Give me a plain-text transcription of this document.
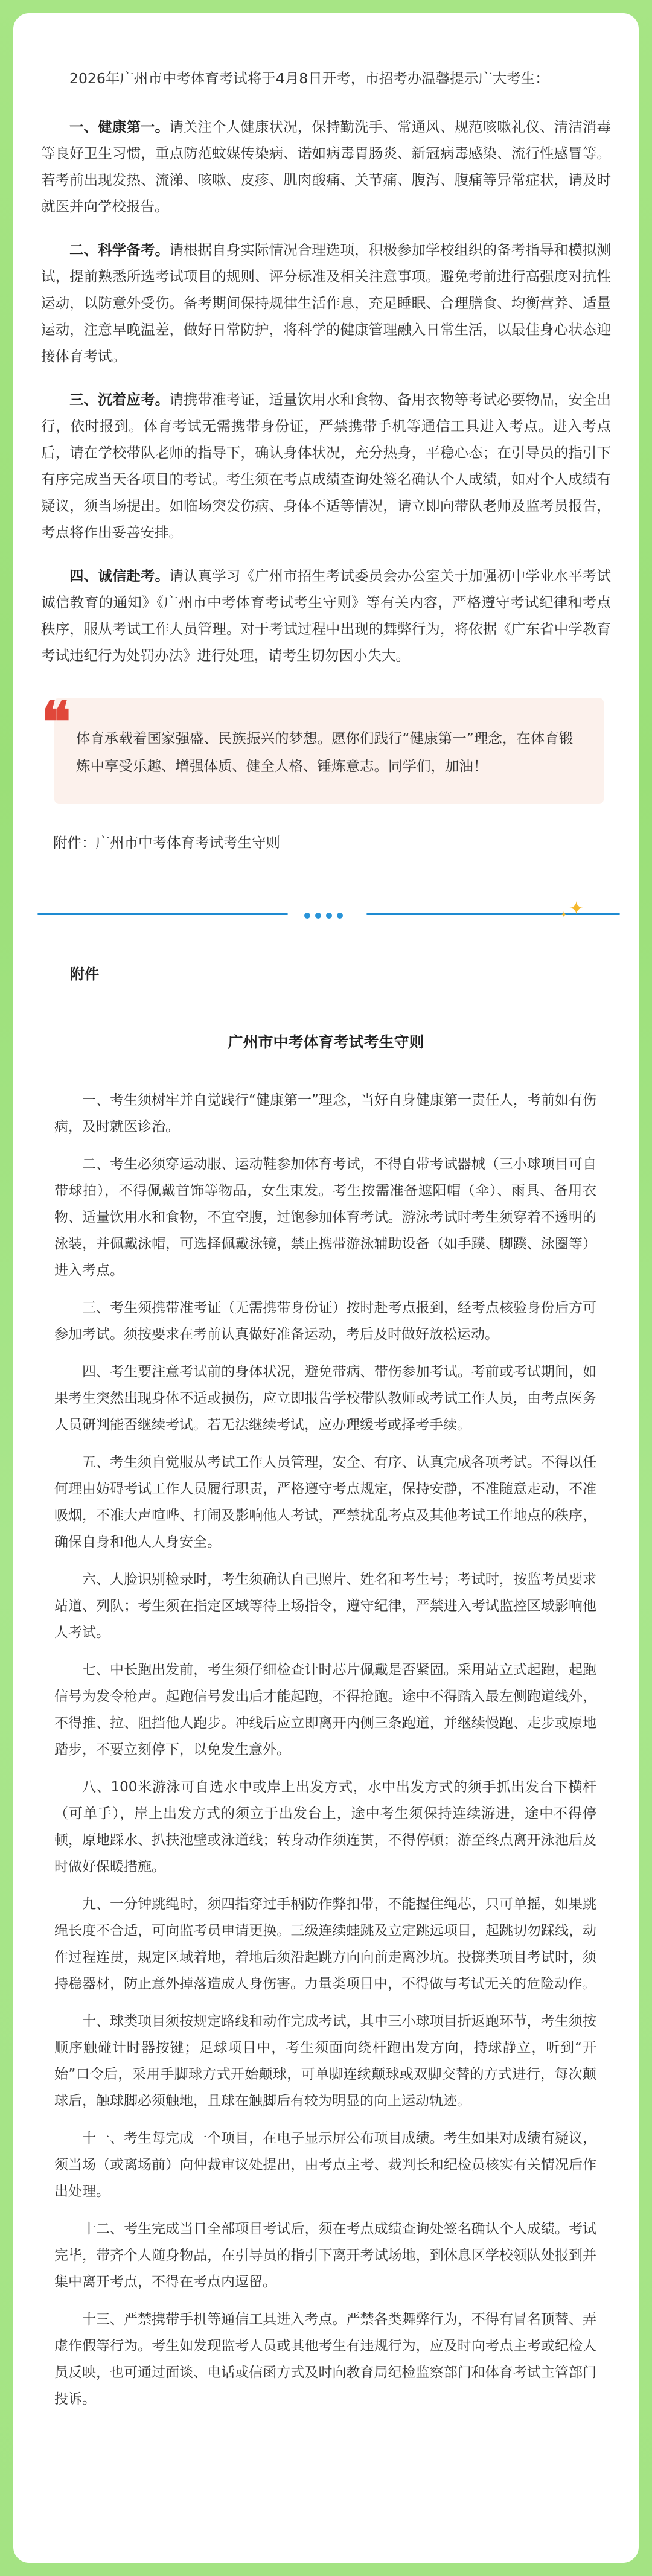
2026年广州市中考体育考试将于4月8日开考，市招考办温馨提示广大考生：

一、健康第一。请关注个人健康状况，保持勤洗手、常通风、规范咳嗽礼仪、清洁消毒等良好卫生习惯，重点防范蚊媒传染病、诺如病毒胃肠炎、新冠病毒感染、流行性感冒等。若考前出现发热、流涕、咳嗽、皮疹、肌肉酸痛、关节痛、腹泻、腹痛等异常症状，请及时就医并向学校报告。

二、科学备考。请根据自身实际情况合理选项，积极参加学校组织的备考指导和模拟测试，提前熟悉所选考试项目的规则、评分标准及相关注意事项。避免考前进行高强度对抗性运动，以防意外受伤。备考期间保持规律生活作息，充足睡眠、合理膳食、均衡营养、适量运动，注意早晚温差，做好日常防护，将科学的健康管理融入日常生活，以最佳身心状态迎接体育考试。

三、沉着应考。请携带准考证，适量饮用水和食物、备用衣物等考试必要物品，安全出行，依时报到。体育考试无需携带身份证，严禁携带手机等通信工具进入考点。进入考点后，请在学校带队老师的指导下，确认身体状况，充分热身，平稳心态；在引导员的指引下有序完成当天各项目的考试。考生须在考点成绩查询处签名确认个人成绩，如对个人成绩有疑议，须当场提出。如临场突发伤病、身体不适等情况，请立即向带队老师及监考员报告，考点将作出妥善安排。

四、诚信赴考。请认真学习《广州市招生考试委员会办公室关于加强初中学业水平考试诚信教育的通知》《广州市中考体育考试考生守则》等有关内容，严格遵守考试纪律和考点秩序，服从考试工作人员管理。对于考试过程中出现的舞弊行为，将依据《广东省中学教育考试违纪行为处罚办法》进行处理，请考生切勿因小失大。

❝ 体育承载着国家强盛、民族振兴的梦想。愿你们践行“健康第一”理念，在体育锻炼中享受乐趣、增强体质、健全人格、锤炼意志。同学们，加油！
附件：广州市中考体育考试考生守则
✦
✦
附件
广州市中考体育考试考生守则

一、考生须树牢并自觉践行“健康第一”理念，当好自身健康第一责任人，考前如有伤病，及时就医诊治。

二、考生必须穿运动服、运动鞋参加体育考试，不得自带考试器械（三小球项目可自带球拍），不得佩戴首饰等物品，女生束发。考生按需准备遮阳帽（伞）、雨具、备用衣物、适量饮用水和食物，不宜空腹，过饱参加体育考试。游泳考试时考生须穿着不透明的泳装，并佩戴泳帽，可选择佩戴泳镜，禁止携带游泳辅助设备（如手蹼、脚蹼、泳圈等）进入考点。

三、考生须携带准考证（无需携带身份证）按时赴考点报到，经考点核验身份后方可参加考试。须按要求在考前认真做好准备运动，考后及时做好放松运动。

四、考生要注意考试前的身体状况，避免带病、带伤参加考试。考前或考试期间，如果考生突然出现身体不适或损伤，应立即报告学校带队教师或考试工作人员，由考点医务人员研判能否继续考试。若无法继续考试，应办理缓考或择考手续。

五、考生须自觉服从考试工作人员管理，安全、有序、认真完成各项考试。不得以任何理由妨碍考试工作人员履行职责，严格遵守考点规定，保持安静，不准随意走动，不准吸烟，不准大声喧哗、打闹及影响他人考试，严禁扰乱考点及其他考试工作地点的秩序，确保自身和他人人身安全。

六、人脸识别检录时，考生须确认自己照片、姓名和考生号；考试时，按监考员要求站道、列队；考生须在指定区域等待上场指令，遵守纪律，严禁进入考试监控区域影响他人考试。

七、中长跑出发前，考生须仔细检查计时芯片佩戴是否紧固。采用站立式起跑，起跑信号为发令枪声。起跑信号发出后才能起跑，不得抢跑。途中不得踏入最左侧跑道线外，不得推、拉、阻挡他人跑步。冲线后应立即离开内侧三条跑道，并继续慢跑、走步或原地踏步，不要立刻停下，以免发生意外。

八、100米游泳可自选水中或岸上出发方式，水中出发方式的须手抓出发台下横杆（可单手），岸上出发方式的须立于出发台上，途中考生须保持连续游进，途中不得停顿，原地踩水、扒扶池壁或泳道线；转身动作须连贯，不得停顿；游至终点离开泳池后及时做好保暖措施。

九、一分钟跳绳时，须四指穿过手柄防作弊扣带，不能握住绳芯，只可单摇，如果跳绳长度不合适，可向监考员申请更换。三级连续蛙跳及立定跳远项目，起跳切勿踩线，动作过程连贯，规定区域着地，着地后须沿起跳方向向前走离沙坑。投掷类项目考试时，须持稳器材，防止意外掉落造成人身伤害。力量类项目中，不得做与考试无关的危险动作。

十、球类项目须按规定路线和动作完成考试，其中三小球项目折返跑环节，考生须按顺序触碰计时器按键；足球项目中，考生须面向绕杆跑出发方向，持球静立，听到“开始”口令后，采用手脚球方式开始颠球，可单脚连续颠球或双脚交替的方式进行，每次颠球后，触球脚必须触地，且球在触脚后有较为明显的向上运动轨迹。

十一、考生每完成一个项目，在电子显示屏公布项目成绩。考生如果对成绩有疑议，须当场（或离场前）向仲裁审议处提出，由考点主考、裁判长和纪检员核实有关情况后作出处理。

十二、考生完成当日全部项目考试后，须在考点成绩查询处签名确认个人成绩。考试完毕，带齐个人随身物品，在引导员的指引下离开考试场地，到休息区学校领队处报到并集中离开考点，不得在考点内逗留。

十三、严禁携带手机等通信工具进入考点。严禁各类舞弊行为，不得有冒名顶替、弄虚作假等行为。考生如发现监考人员或其他考生有违规行为，应及时向考点主考或纪检人员反映，也可通过面谈、电话或信函方式及时向教育局纪检监察部门和体育考试主管部门投诉。
